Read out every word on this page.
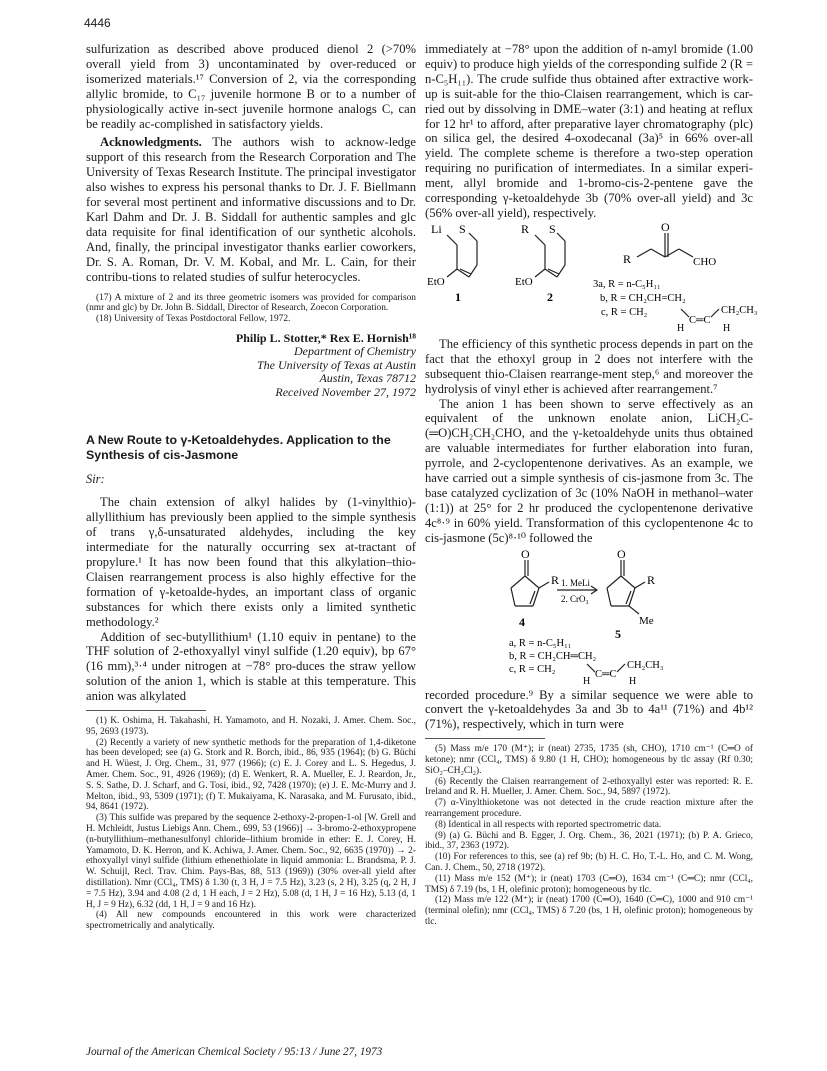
4446

sulfurization as described above produced dienol 2 (>70% overall yield from 3) uncontaminated by over-reduced or isomerized materials.¹⁷ Conversion of 2, via the corresponding allylic bromide, to C₁₇ juvenile hormone B or to a number of physiologically active in-sect juvenile hormone analogs C, can be readily ac-complished in satisfactory yields.

Acknowledgments. The authors wish to acknow-ledge support of this research from the Research Corporation and The University of Texas Research Institute. The principal investigator also wishes to express his personal thanks to Dr. J. F. Biellmann for several most pertinent and informative discussions and to Dr. Karl Dahm and Dr. J. B. Siddall for authentic samples and glc data requisite for final identification of our synthetic alcohols. And, finally, the principal investigator thanks earlier coworkers, Dr. S. A. Roman, Dr. V. M. Kobal, and Mr. L. Cain, for their contribu-tions to related studies of sulfur heterocycles.

(17) A mixture of 2 and its three geometric isomers was provided for comparison (nmr and glc) by Dr. John B. Siddall, Director of Research, Zoecon Corporation.

(18) University of Texas Postdoctoral Fellow, 1972.

Philip L. Stotter,* Rex E. Hornish¹⁸
Department of Chemistry
The University of Texas at Austin
Austin, Texas 78712
Received November 27, 1972
A New Route to γ-Ketoaldehydes. Application to the Synthesis of cis-Jasmone
Sir:

The chain extension of alkyl halides by (1-vinylthio)-allyllithium has previously been applied to the simple synthesis of trans γ,δ-unsaturated aldehydes, including the key intermediate for the naturally occurring sex at-tractant of propylure.¹ It has now been found that this alkylation–thio-Claisen rearrangement process is also highly effective for the formation of γ-ketoalde-hydes, an important class of organic substances for which there exists only a limited synthetic methodology.²

Addition of sec-butyllithium¹ (1.10 equiv in pentane) to the THF solution of 2-ethoxyallyl vinyl sulfide (1.20 equiv), bp 67° (16 mm),³·⁴ under nitrogen at −78° pro-duces the straw yellow solution of the anion 1, which is stable at this temperature. This anion was alkylated

(1) K. Oshima, H. Takahashi, H. Yamamoto, and H. Nozaki, J. Amer. Chem. Soc., 95, 2693 (1973).

(2) Recently a variety of new synthetic methods for the preparation of 1,4-diketone has been developed; see (a) G. Stork and R. Borch, ibid., 86, 935 (1964); (b) G. Büchi and H. Wüest, J. Org. Chem., 31, 977 (1966); (c) E. J. Corey and L. S. Hegedus, J. Amer. Chem. Soc., 91, 4926 (1969); (d) E. Wenkert, R. A. Mueller, E. J. Reardon, Jr., S. S. Sathe, D. J. Scharf, and G. Tosi, ibid., 92, 7428 (1970); (e) J. E. Mc-Murry and J. Melton, ibid., 93, 5309 (1971); (f) T. Mukaiyama, K. Narasaka, and M. Furusato, ibid., 94, 8641 (1972).

(3) This sulfide was prepared by the sequence 2-ethoxy-2-propen-1-ol [W. Grell and H. Mchleidt, Justus Liebigs Ann. Chem., 699, 53 (1966)] → 3-bromo-2-ethoxypropene (n-butyllithium–methanesulfonyl chloride–lithium bromide in ether: E. J. Corey, H. Yamamoto, D. K. Herron, and K. Achiwa, J. Amer. Chem. Soc., 92, 6635 (1970)) → 2-ethoxyallyl vinyl sulfide (lithium ethenethiolate in liquid ammonia: L. Brandsma, P. J. W. Schuijl, Recl. Trav. Chim. Pays-Bas, 88, 513 (1969)) (30% over-all yield after distillation). Nmr (CCl₄, TMS) δ 1.30 (t, 3 H, J = 7.5 Hz), 3.23 (s, 2 H), 3.25 (q, 2 H, J = 7.5 Hz), 3.94 and 4.08 (2 d, 1 H each, J = 2 Hz), 5.08 (d, 1 H, J = 16 Hz), 5.13 (d, 1 H, J = 9 Hz), 6.32 (dd, 1 H, J = 9 and 16 Hz).

(4) All new compounds encountered in this work were characterized spectrometrically and analytically.

immediately at −78° upon the addition of n-amyl bromide (1.00 equiv) to produce high yields of the corresponding sulfide 2 (R = n-C₅H₁₁). The crude sulfide thus obtained after extractive work-up is suit-able for the thio-Claisen rearrangement, which is car-ried out by dissolving in DME–water (3:1) and heating at reflux for 12 hr¹ to afford, after preparative layer chromatography (plc) on silica gel, the desired 4-oxodecanal (3a)⁵ in 66% over-all yield. The complete scheme is therefore a two-step operation requiring no purification of intermediates. In a similar experi-ment, allyl bromide and 1-bromo-cis-2-pentene gave the corresponding γ-ketoaldehyde 3b (70% over-all yield) and 3c (56% over-all yield), respectively.

Li S
EtO
1
R S
EtO
2
R
O
CHO
3a, R = n-C₅H₁₁
b, R = CH₂CH=CH₂
c, R = CH₂
C═C
CH₂CH₃
H	H

The efficiency of this synthetic process depends in part on the fact that the ethoxyl group in 2 does not interfere with the subsequent thio-Claisen rearrange-ment step,⁶ and moreover the hydrolysis of vinyl ether is achieved after rearrangement.⁷

The anion 1 has been shown to serve effectively as an equivalent of the unknown enolate anion, LiCH₂C-(═O)CH₂CH₂CHO, and the γ-ketoaldehyde units thus obtained are valuable intermediates for further elaboration into furan, pyrrole, and 2-cyclopentenone derivatives. As an example, we have carried out a simple synthesis of cis-jasmone from 3c. The base catalyzed cyclization of 3c (10% NaOH in methanol–water (1:1)) at 25° for 2 hr produced the cyclopentenone derivative 4c⁸·⁹ in 60% yield. Transformation of this cyclopentenone 4c to cis-jasmone (5c)⁸·¹⁰ followed the

O
R 1. MeLi
2. CrO₃
4
O
R
Me
5
a, R = n-C₅H₁₁
b, R = CH₂CH═CH₂
c, R = CH₂	C═C
CH₂CH₃
H	H

recorded procedure.⁹ By a similar sequence we were able to convert the γ-ketoaldehydes 3a and 3b to 4a¹¹ (71%) and 4b¹² (71%), respectively, which in turn were

(5) Mass m/e 170 (M⁺); ir (neat) 2735, 1735 (sh, CHO), 1710 cm⁻¹ (C═O of ketone); nmr (CCl₄, TMS) δ 9.80 (1 H, CHO); homogeneous by tlc assay (Rf 0.30; SiO₂–CH₂Cl₂).

(6) Recently the Claisen rearrangement of 2-ethoxyallyl ester was reported: R. E. Ireland and R. H. Mueller, J. Amer. Chem. Soc., 94, 5897 (1972).

(7) α-Vinylthioketone was not detected in the crude reaction mixture after the rearrangement procedure.

(8) Identical in all respects with reported spectrometric data.

(9) (a) G. Büchi and B. Egger, J. Org. Chem., 36, 2021 (1971); (b) P. A. Grieco, ibid., 37, 2363 (1972).

(10) For references to this, see (a) ref 9b; (b) H. C. Ho, T.-L. Ho, and C. M. Wong, Can. J. Chem., 50, 2718 (1972).

(11) Mass m/e 152 (M⁺); ir (neat) 1703 (C═O), 1634 cm⁻¹ (C═C); nmr (CCl₄, TMS) δ 7.19 (bs, 1 H, olefinic proton); homogeneous by tlc.

(12) Mass m/e 122 (M⁺); ir (neat) 1700 (C═O), 1640 (C═C), 1000 and 910 cm⁻¹ (terminal olefin); nmr (CCl₄, TMS) δ 7.20 (bs, 1 H, olefinic proton); homogeneous by tlc.

Journal of the American Chemical Society / 95:13 / June 27, 1973
